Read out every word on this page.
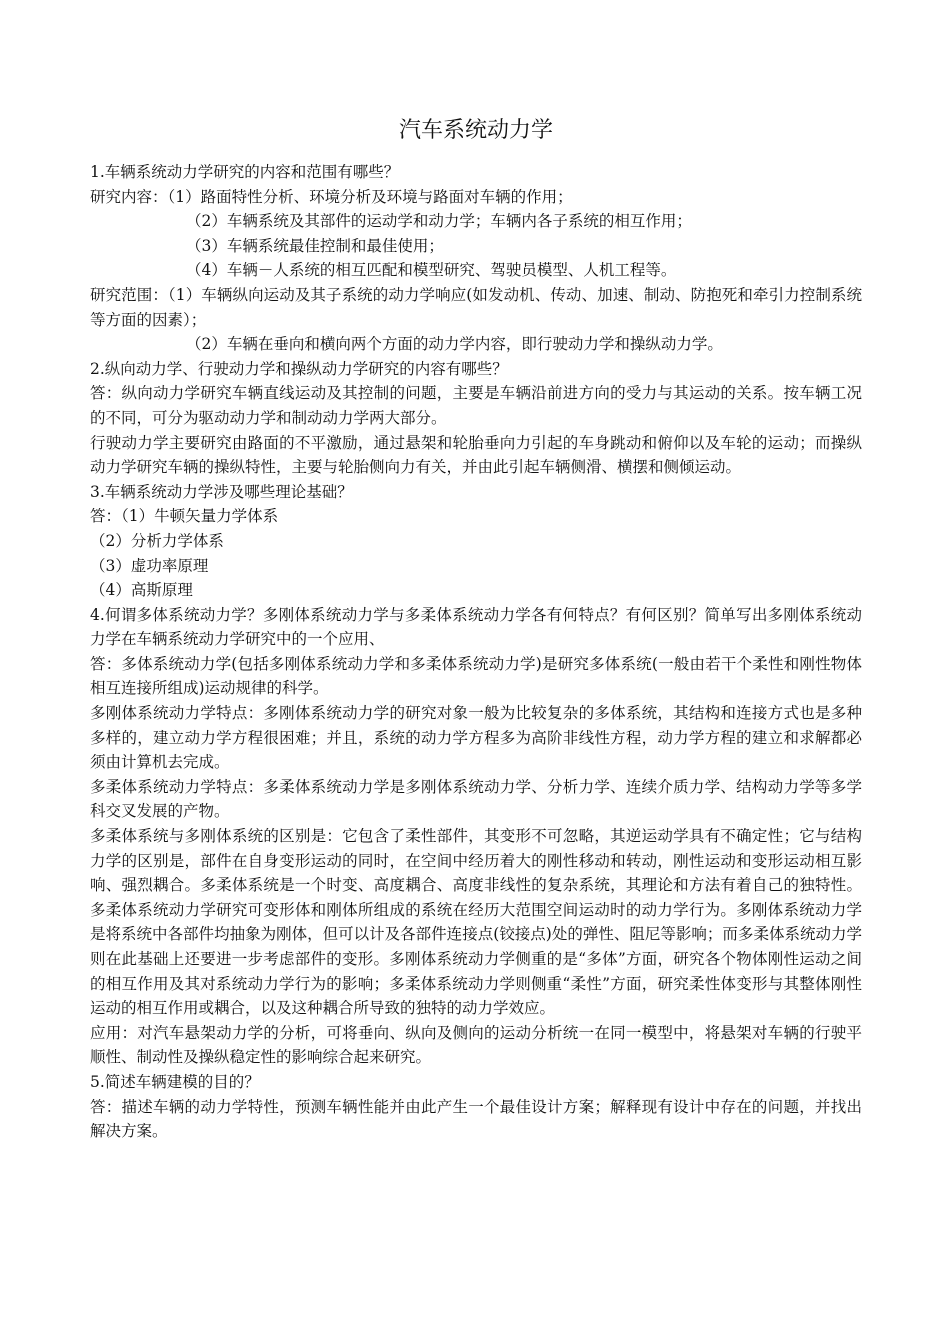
汽车系统动力学

1.车辆系统动力学研究的内容和范围有哪些？

研究内容：（1）路面特性分析、环境分析及环境与路面对车辆的作用；

（2）车辆系统及其部件的运动学和动力学；车辆内各子系统的相互作用；

（3）车辆系统最佳控制和最佳使用；

（4）车辆－人系统的相互匹配和模型研究、驾驶员模型、人机工程等。

研究范围：（1）车辆纵向运动及其子系统的动力学响应(如发动机、传动、加速、制动、防抱死和牵引力控制系统等方面的因素）；

（2）车辆在垂向和横向两个方面的动力学内容，即行驶动力学和操纵动力学。

2.纵向动力学、行驶动力学和操纵动力学研究的内容有哪些？

答：纵向动力学研究车辆直线运动及其控制的问题，主要是车辆沿前进方向的受力与其运动的关系。按车辆工况的不同，可分为驱动动力学和制动动力学两大部分。

行驶动力学主要研究由路面的不平激励，通过悬架和轮胎垂向力引起的车身跳动和俯仰以及车轮的运动；而操纵动力学研究车辆的操纵特性，主要与轮胎侧向力有关，并由此引起车辆侧滑、横摆和侧倾运动。

3.车辆系统动力学涉及哪些理论基础？

答：（1）牛顿矢量力学体系

（2）分析力学体系

（3）虚功率原理

（4）高斯原理

4.何谓多体系统动力学？多刚体系统动力学与多柔体系统动力学各有何特点？有何区别？简单写出多刚体系统动力学在车辆系统动力学研究中的一个应用、

答：多体系统动力学(包括多刚体系统动力学和多柔体系统动力学)是研究多体系统(一般由若干个柔性和刚性物体相互连接所组成)运动规律的科学。

多刚体系统动力学特点：多刚体系统动力学的研究对象一般为比较复杂的多体系统，其结构和连接方式也是多种多样的，建立动力学方程很困难；并且，系统的动力学方程多为高阶非线性方程，动力学方程的建立和求解都必须由计算机去完成。

多柔体系统动力学特点：多柔体系统动力学是多刚体系统动力学、分析力学、连续介质力学、结构动力学等多学科交叉发展的产物。

多柔体系统与多刚体系统的区别是：它包含了柔性部件，其变形不可忽略，其逆运动学具有不确定性；它与结构力学的区别是，部件在自身变形运动的同时，在空间中经历着大的刚性移动和转动，刚性运动和变形运动相互影响、强烈耦合。多柔体系统是一个时变、高度耦合、高度非线性的复杂系统，其理论和方法有着自己的独特性。多柔体系统动力学研究可变形体和刚体所组成的系统在经历大范围空间运动时的动力学行为。多刚体系统动力学是将系统中各部件均抽象为刚体，但可以计及各部件连接点(铰接点)处的弹性、阻尼等影响；而多柔体系统动力学则在此基础上还要进一步考虑部件的变形。多刚体系统动力学侧重的是“多体”方面，研究各个物体刚性运动之间的相互作用及其对系统动力学行为的影响；多柔体系统动力学则侧重“柔性”方面，研究柔性体变形与其整体刚性运动的相互作用或耦合，以及这种耦合所导致的独特的动力学效应。

应用：对汽车悬架动力学的分析，可将垂向、纵向及侧向的运动分析统一在同一模型中，将悬架对车辆的行驶平顺性、制动性及操纵稳定性的影响综合起来研究。

5.简述车辆建模的目的？

答：描述车辆的动力学特性，预测车辆性能并由此产生一个最佳设计方案；解释现有设计中存在的问题，并找出解决方案。
